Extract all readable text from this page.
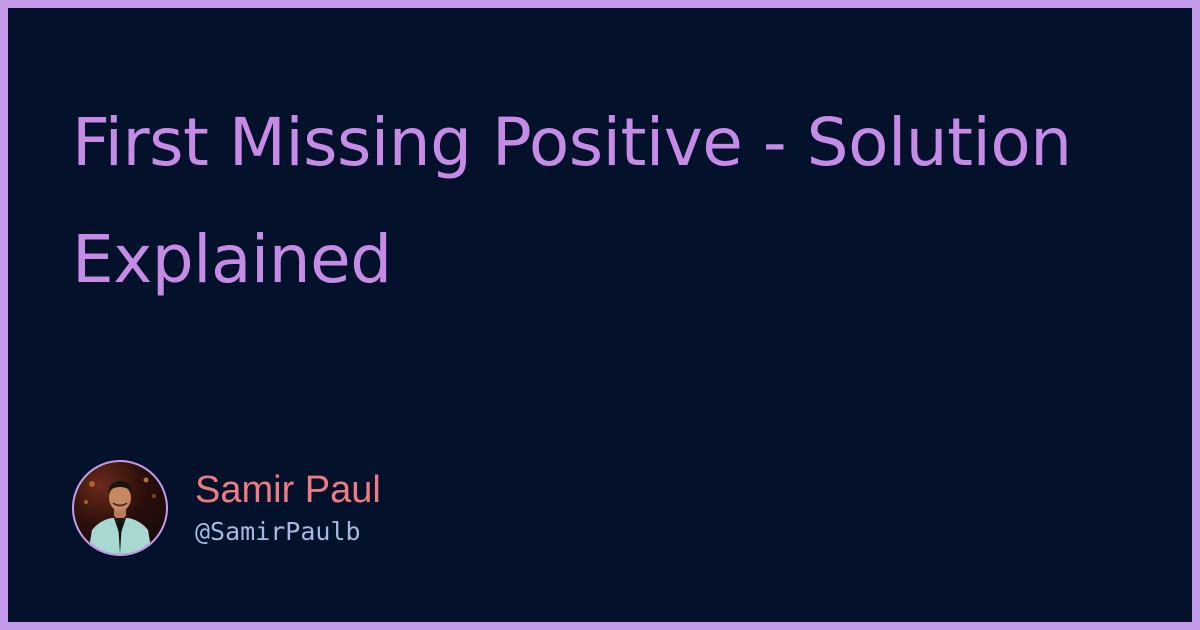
First Missing Positive - Solution Explained
Samir Paul
@SamirPaulb
